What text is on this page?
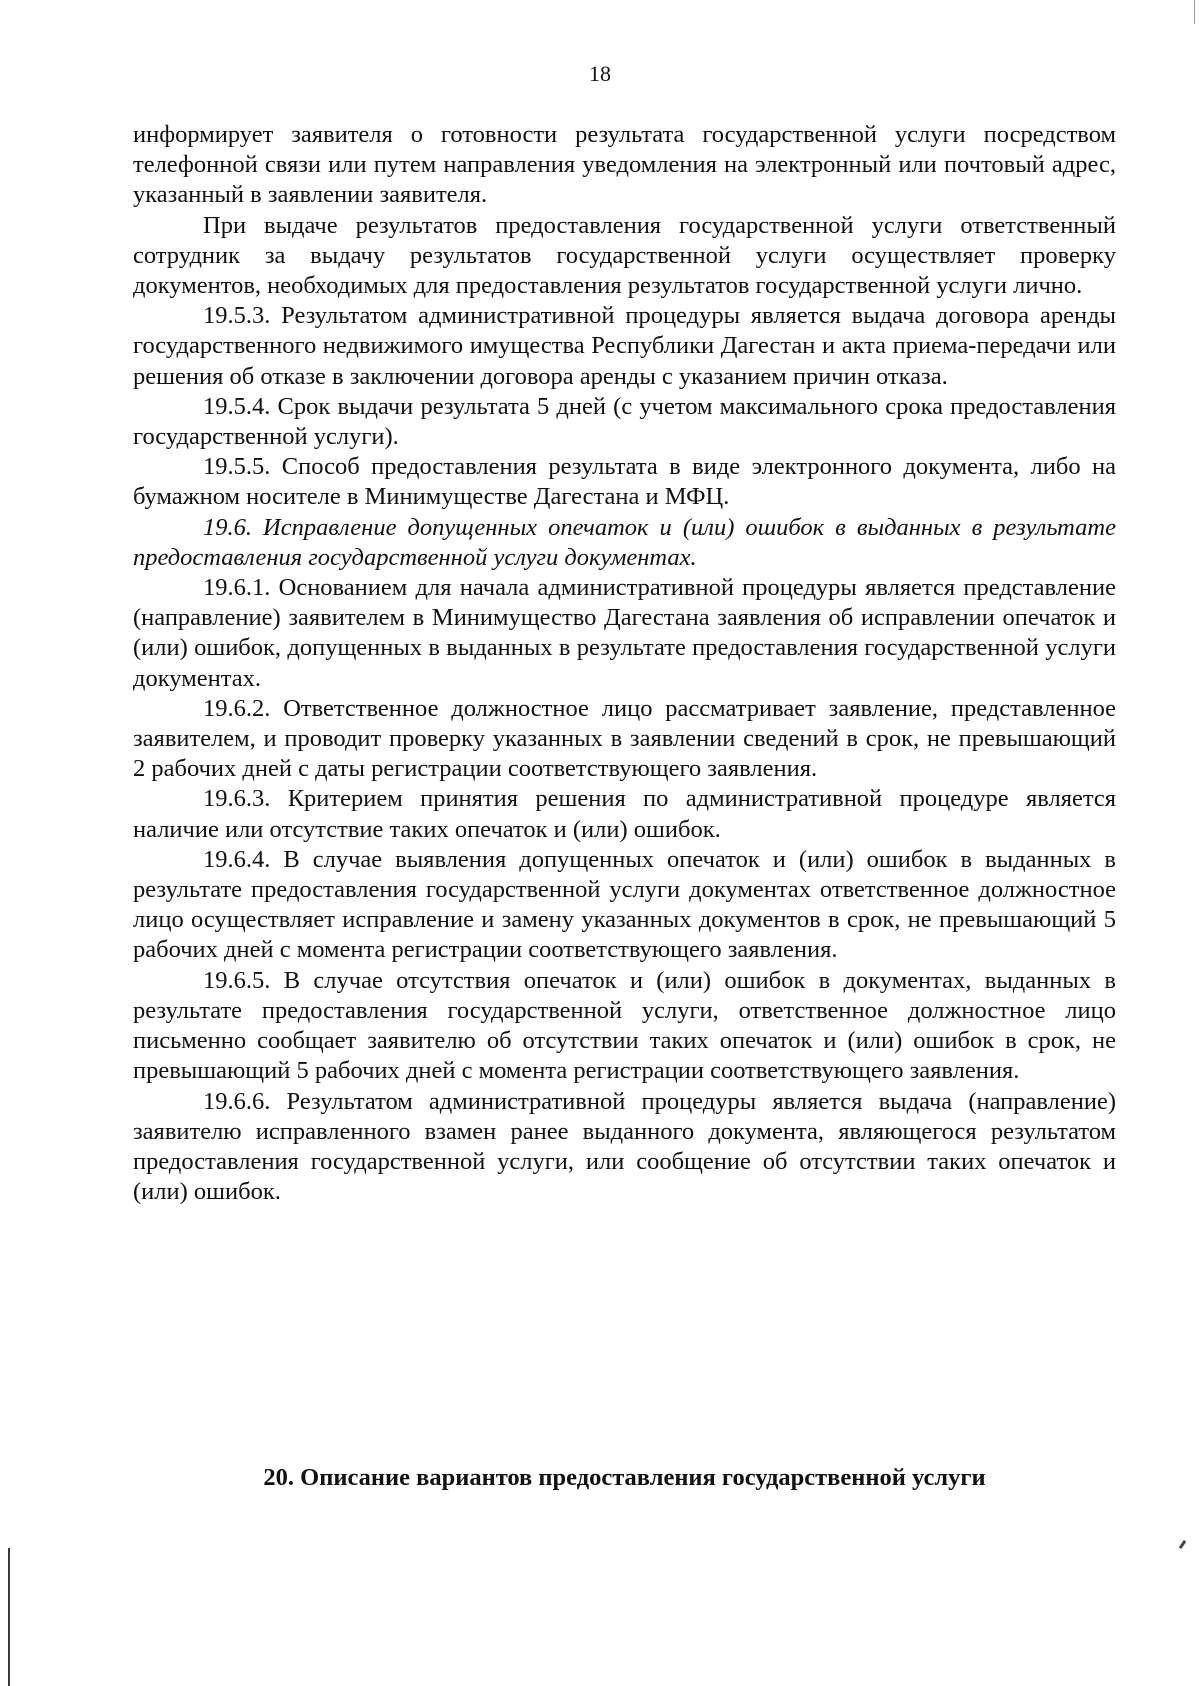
18

информирует заявителя о готовности результата государственной услуги посредством телефонной связи или путем направления уведомления на электронный или почтовый адрес, указанный в заявлении заявителя.

При выдаче результатов предоставления государственной услуги ответственный сотрудник за выдачу результатов государственной услуги осуществляет проверку документов, необходимых для предоставления результатов государственной услуги лично.

19.5.3. Результатом административной процедуры является выдача договора аренды государственного недвижимого имущества Республики Дагестан и акта приема-передачи или решения об отказе в заключении договора аренды с указанием причин отказа.

19.5.4. Срок выдачи результата 5 дней (с учетом максимального срока предоставления государственной услуги).

19.5.5. Способ предоставления результата в виде электронного документа, либо на бумажном носителе в Минимуществе Дагестана и МФЦ.

19.6. Исправление допущенных опечаток и (или) ошибок в выданных в результате предоставления государственной услуги документах.

19.6.1. Основанием для начала административной процедуры является представление (направление) заявителем в Минимущество Дагестана заявления об исправлении опечаток и (или) ошибок, допущенных в выданных в результате предоставления государственной услуги документах.

19.6.2. Ответственное должностное лицо рассматривает заявление, представленное заявителем, и проводит проверку указанных в заявлении сведений в срок, не превышающий 2 рабочих дней с даты регистрации соответствующего заявления.

19.6.3. Критерием принятия решения по административной процедуре является наличие или отсутствие таких опечаток и (или) ошибок.

19.6.4. В случае выявления допущенных опечаток и (или) ошибок в выданных в результате предоставления государственной услуги документах ответственное должностное лицо осуществляет исправление и замену указанных документов в срок, не превышающий 5 рабочих дней с момента регистрации соответствующего заявления.

19.6.5. В случае отсутствия опечаток и (или) ошибок в документах, выданных в результате предоставления государственной услуги, ответственное должностное лицо письменно сообщает заявителю об отсутствии таких опечаток и (или) ошибок в срок, не превышающий 5 рабочих дней с момента регистрации соответствующего заявления.

19.6.6. Результатом административной процедуры является выдача (направление) заявителю исправленного взамен ранее выданного документа, являющегося результатом предоставления государственной услуги, или сообщение об отсутствии таких опечаток и (или) ошибок.

20. Описание вариантов предоставления государственной услуги
